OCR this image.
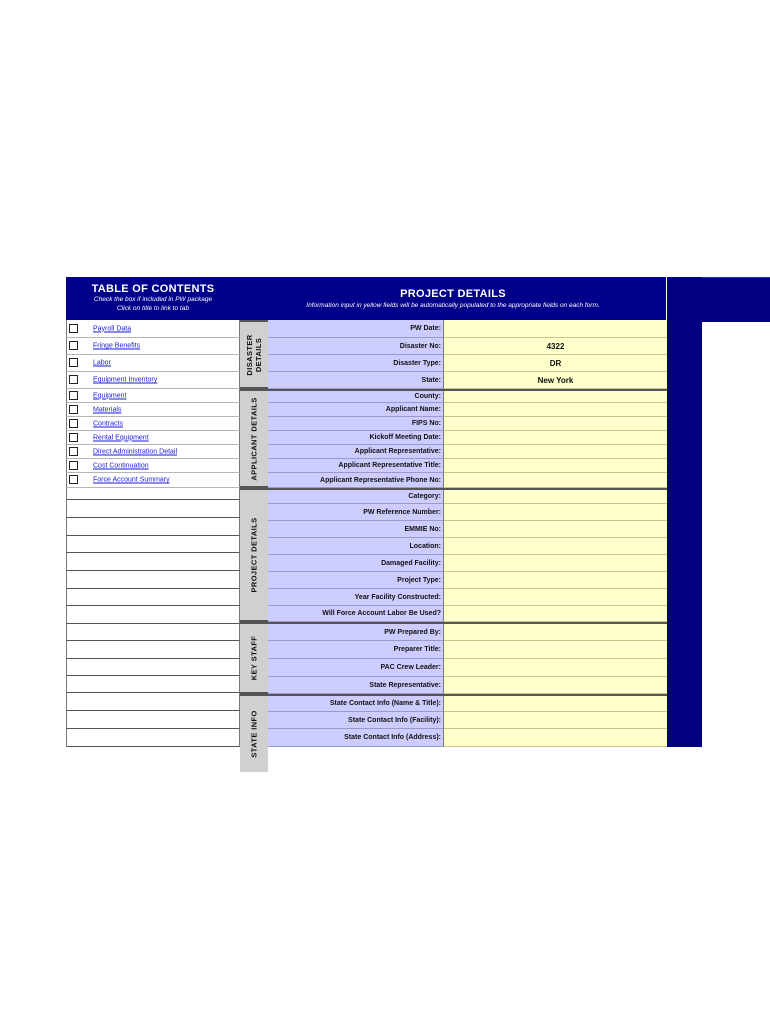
TABLE OF CONTENTS
Check the box if included in PW package
Click on title to link to tab
PROJECT DETAILS
Information input in yellow fields will be automatically populated to the appropriate fields on each form.
Payroll Data
Fringe Benefits
Labor
Equipment Inventory
Equipment
Materials
Contracts
Rental Equipment
Direct Administration Detail
Cost Continuation
Force Account Summary
DISASTER DETAILS
PW Date:
Disaster No:	4322
Disaster Type:	DR
State:	New York
APPLICANT DETAILS
County:
Applicant Name:
FIPS No:
Kickoff Meeting Date:
Applicant Representative:
Applicant Representative Title:
Applicant Representative Phone No:
PROJECT DETAILS
Category:
PW Reference Number:
EMMIE No:
Location:
Damaged Facility:
Project Type:
Year Facility Constructed:
Will Force Account Labor Be Used?
KEY STAFF
PW Prepared By:
Preparer Title:
PAC Crew Leader:
State Representative:
STATE INFO
State Contact Info (Name & Title):
State Contact Info (Facility):
State Contact Info (Address):
